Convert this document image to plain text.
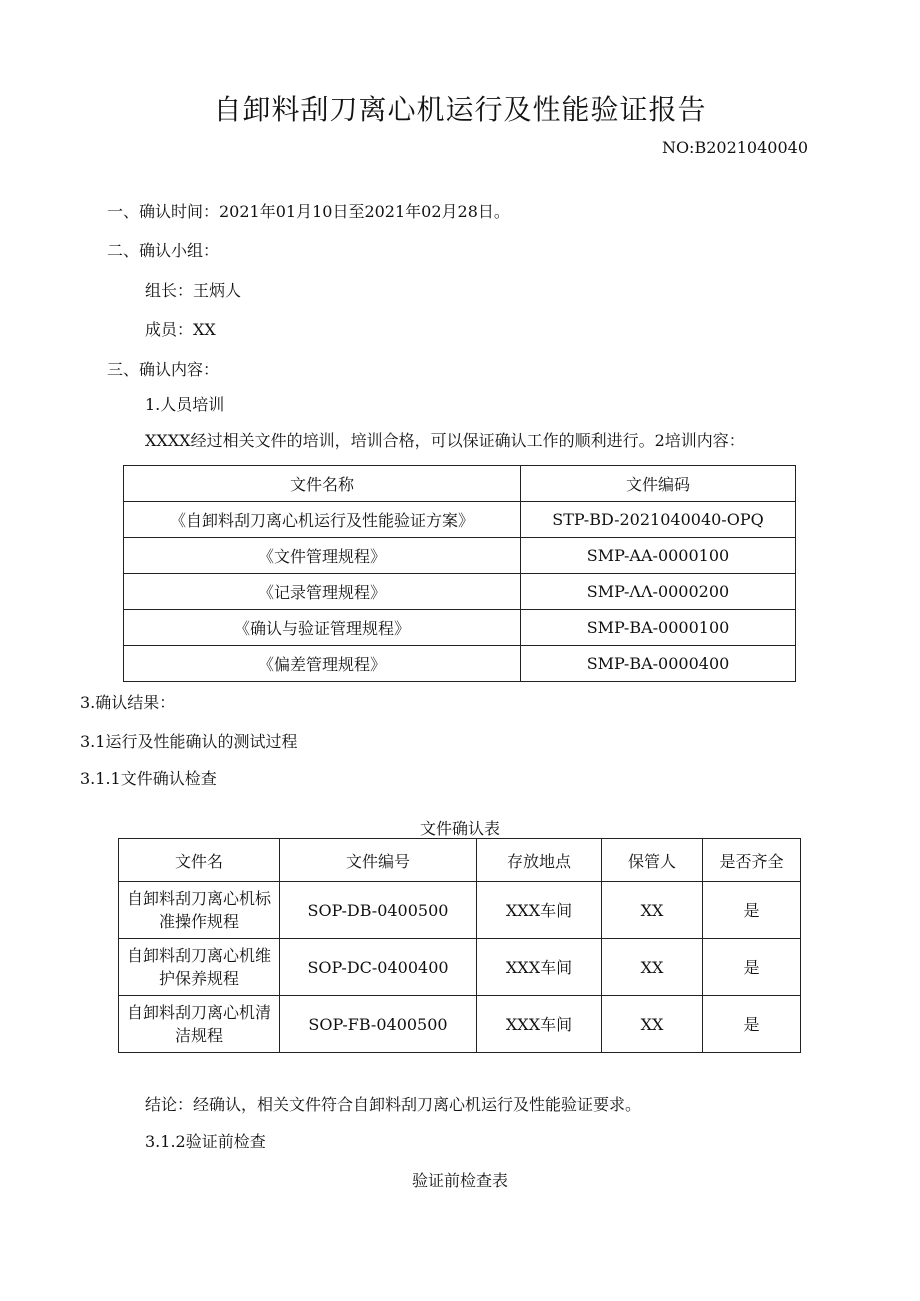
自卸料刮刀离心机运行及性能验证报告
NO:B2021040040
一、确认时间：2021年01月10日至2021年02月28日。
二、确认小组：
组长：王炳人
成员：XX
三、确认内容：
1.人员培训
XXXX经过相关文件的培训，培训合格，可以保证确认工作的顺利进行。2培训内容：
文件名称	文件编码
《自卸料刮刀离心机运行及性能验证方案》	STP-BD-2021040040-OPQ
《文件管理规程》	SMP-AA-0000100
《记录管理规程》	SMP-ΛΛ-0000200
《确认与验证管理规程》	SMP-BA-0000100
《偏差管理规程》	SMP-BA-0000400
3.确认结果：
3.1运行及性能确认的测试过程
3.1.1文件确认检查
文件确认表
文件名	文件编号	存放地点	保管人	是否齐全
自卸料刮刀离心机标准操作规程	SOP-DB-0400500	XXX车间	XX	是
自卸料刮刀离心机维护保养规程	SOP-DC-0400400	XXX车间	XX	是
自卸料刮刀离心机清洁规程	SOP-FB-0400500	XXX车间	XX	是
结论：经确认，相关文件符合自卸料刮刀离心机运行及性能验证要求。
3.1.2验证前检查
验证前检查表
